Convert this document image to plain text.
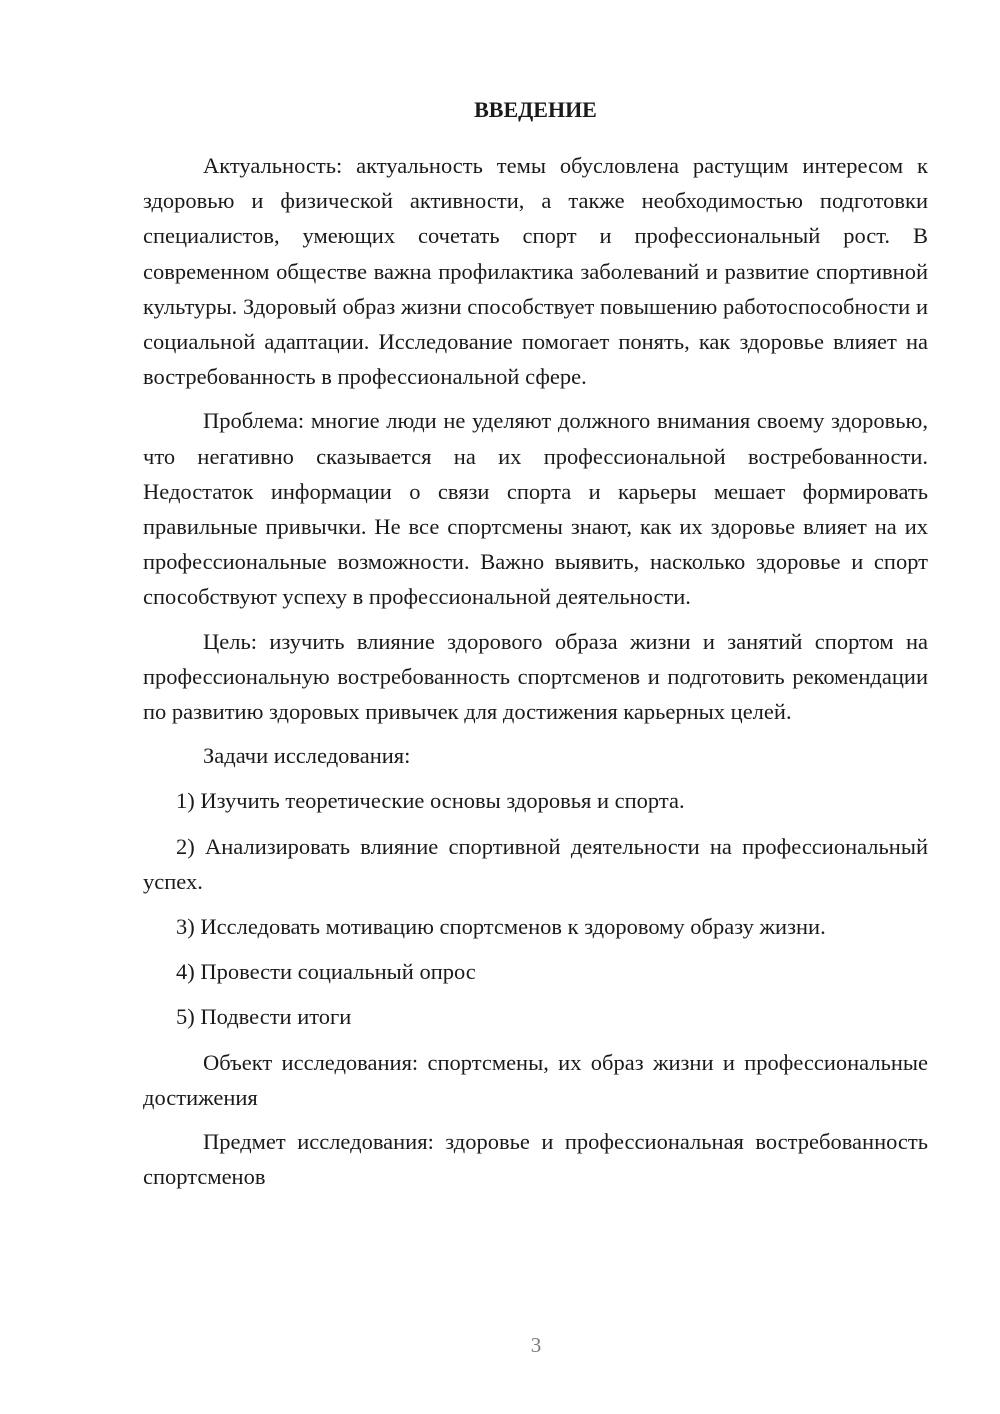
ВВЕДЕНИЕ

Актуальность: актуальность темы обусловлена растущим интересом к здоровью и физической активности, а также необходимостью подготовки специалистов, умеющих сочетать спорт и профессиональный рост. В современном обществе важна профилактика заболеваний и развитие спортивной культуры. Здоровый образ жизни способствует повышению работоспособности и социальной адаптации. Исследование помогает понять, как здоровье влияет на востребованность в профессиональной сфере.

Проблема: многие люди не уделяют должного внимания своему здоровью, что негативно сказывается на их профессиональной востребованности. Недостаток информации о связи спорта и карьеры мешает формировать правильные привычки. Не все спортсмены знают, как их здоровье влияет на их профессиональные возможности. Важно выявить, насколько здоровье и спорт способствуют успеху в профессиональной деятельности.

Цель: изучить влияние здорового образа жизни и занятий спортом на профессиональную востребованность спортсменов и подготовить рекомендации по развитию здоровых привычек для достижения карьерных целей.

Задачи исследования:

1) Изучить теоретические основы здоровья и спорта.

2) Анализировать влияние спортивной деятельности на профессиональный успех.

3) Исследовать мотивацию спортсменов к здоровому образу жизни.

4) Провести социальный опрос

5) Подвести итоги

Объект исследования: спортсмены, их образ жизни и профессиональные достижения

Предмет исследования: здоровье и профессиональная востребованность спортсменов

3
